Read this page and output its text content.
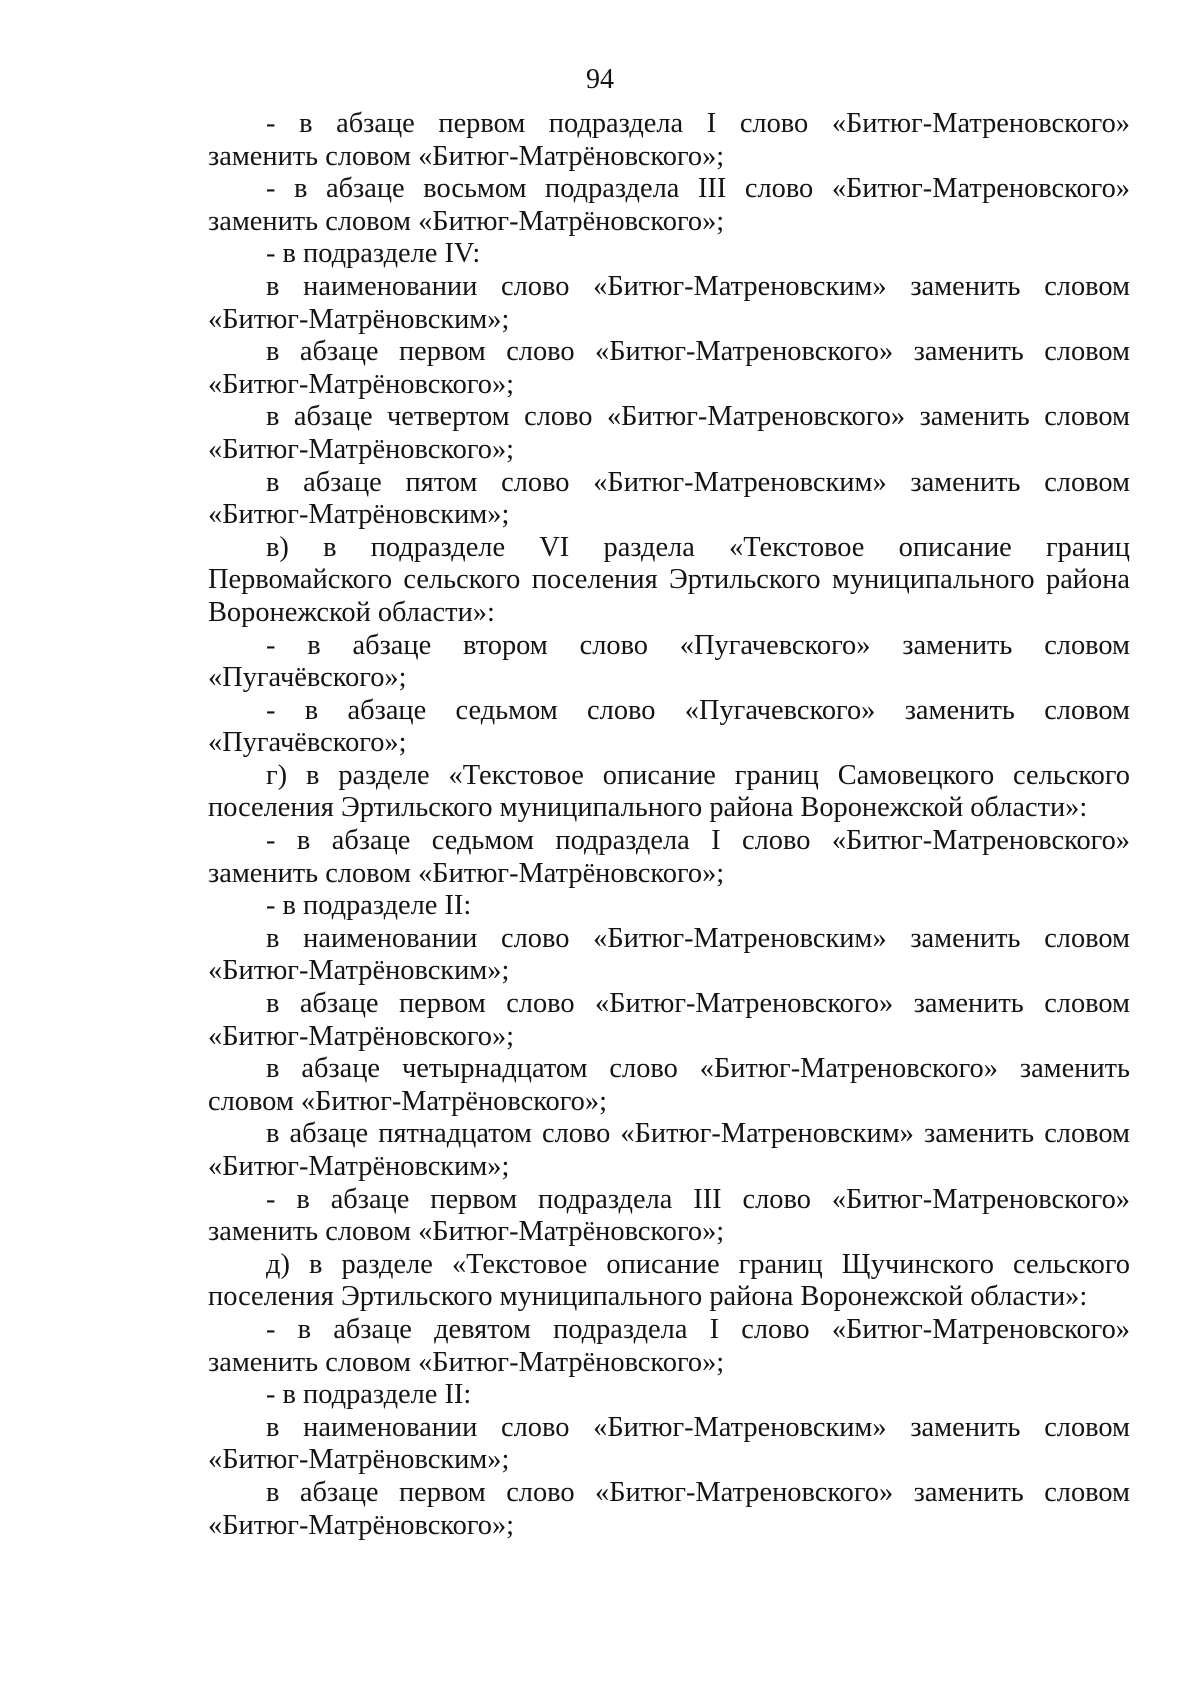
94

- в абзаце первом подраздела I слово «Битюг-Матреновского» заменить словом «Битюг-Матрёновского»;

- в абзаце восьмом подраздела III слово «Битюг-Матреновского» заменить словом «Битюг-Матрёновского»;

- в подразделе IV:

в наименовании слово «Битюг-Матреновским» заменить словом «Битюг-Матрёновским»;

в абзаце первом слово «Битюг-Матреновского» заменить словом «Битюг-Матрёновского»;

в абзаце четвертом слово «Битюг-Матреновского» заменить словом «Битюг-Матрёновского»;

в абзаце пятом слово «Битюг-Матреновским» заменить словом «Битюг-Матрёновским»;

в) в подразделе VI раздела «Текстовое описание границ Первомайского сельского поселения Эртильского муниципального района Воронежской области»:

- в абзаце втором слово «Пугачевского» заменить словом «Пугачёвского»;

- в абзаце седьмом слово «Пугачевского» заменить словом «Пугачёвского»;

г) в разделе «Текстовое описание границ Самовецкого сельского поселения Эртильского муниципального района Воронежской области»:

- в абзаце седьмом подраздела I слово «Битюг-Матреновского» заменить словом «Битюг-Матрёновского»;

- в подразделе II:

в наименовании слово «Битюг-Матреновским» заменить словом «Битюг-Матрёновским»;

в абзаце первом слово «Битюг-Матреновского» заменить словом «Битюг-Матрёновского»;

в абзаце четырнадцатом слово «Битюг-Матреновского» заменить словом «Битюг-Матрёновского»;

в абзаце пятнадцатом слово «Битюг-Матреновским» заменить словом «Битюг-Матрёновским»;

- в абзаце первом подраздела III слово «Битюг-Матреновского» заменить словом «Битюг-Матрёновского»;

д) в разделе «Текстовое описание границ Щучинского сельского поселения Эртильского муниципального района Воронежской области»:

- в абзаце девятом подраздела I слово «Битюг-Матреновского» заменить словом «Битюг-Матрёновского»;

- в подразделе II:

в наименовании слово «Битюг-Матреновским» заменить словом «Битюг-Матрёновским»;

в абзаце первом слово «Битюг-Матреновского» заменить словом «Битюг-Матрёновского»;
